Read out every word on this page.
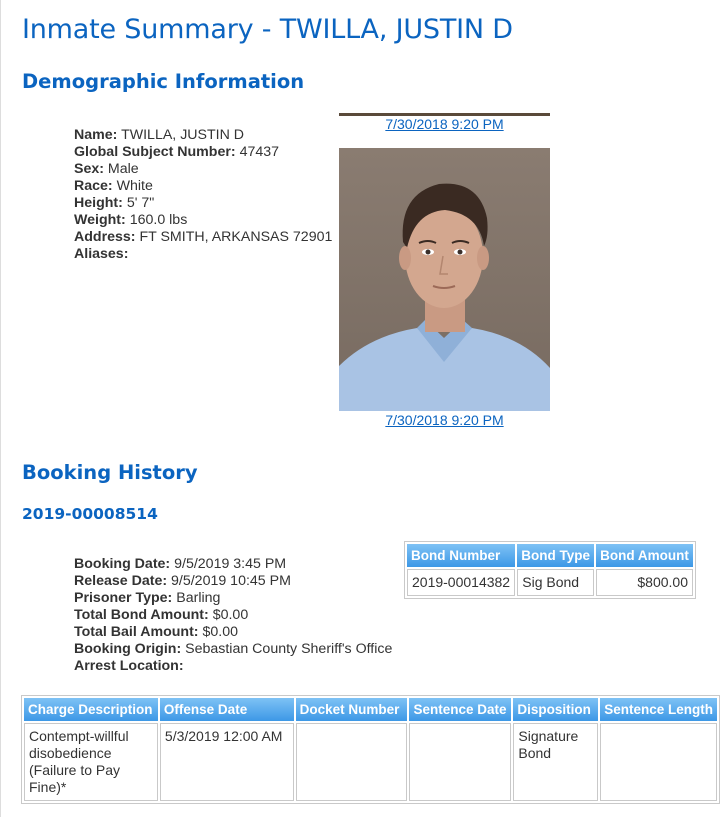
Inmate Summary - TWILLA, JUSTIN D
Demographic Information
Name: TWILLA, JUSTIN D
Global Subject Number: 47437
Sex: Male
Race: White
Height: 5' 7"
Weight: 160.0 lbs
Address: FT SMITH, ARKANSAS 72901
Aliases:
7/30/2018 9:20 PM
7/30/2018 9:20 PM
Booking History
2019-00008514
Booking Date: 9/5/2019 3:45 PM
Release Date: 9/5/2019 10:45 PM
Prisoner Type: Barling
Total Bond Amount: $0.00
Total Bail Amount: $0.00
Booking Origin: Sebastian County Sheriff's Office
Arrest Location:
Bond Number	Bond Type	Bond Amount
2019-00014382	Sig Bond	$800.00
Charge Description	Offense Date	Docket Number	Sentence Date	Disposition	Sentence Length
Contempt-willful disobedience (Failure to Pay Fine)*	5/3/2019 12:00 AM			Signature Bond	
